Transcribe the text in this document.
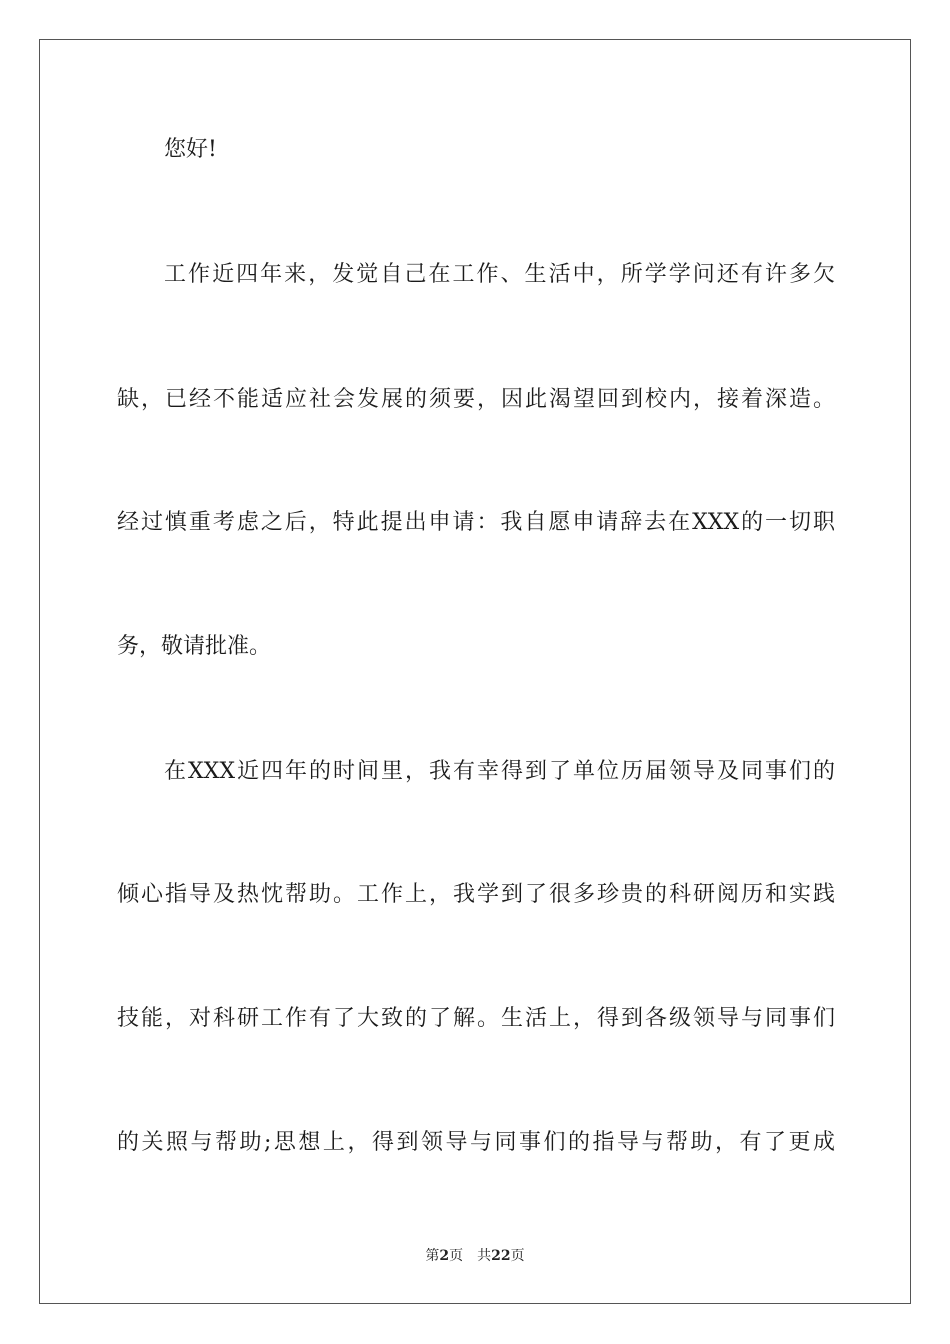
您好!

工作近四年来，发觉自己在工作、生活中，所学学问还有许多欠

缺，已经不能适应社会发展的须要，因此渴望回到校内，接着深造。

经过慎重考虑之后，特此提出申请：我自愿申请辞去在XXX的一切职

务，敬请批准。

在XXX近四年的时间里，我有幸得到了单位历届领导及同事们的

倾心指导及热忱帮助。工作上，我学到了很多珍贵的科研阅历和实践

技能，对科研工作有了大致的了解。生活上，得到各级领导与同事们

的关照与帮助;思想上，得到领导与同事们的指导与帮助，有了更成

第2页 共22页
